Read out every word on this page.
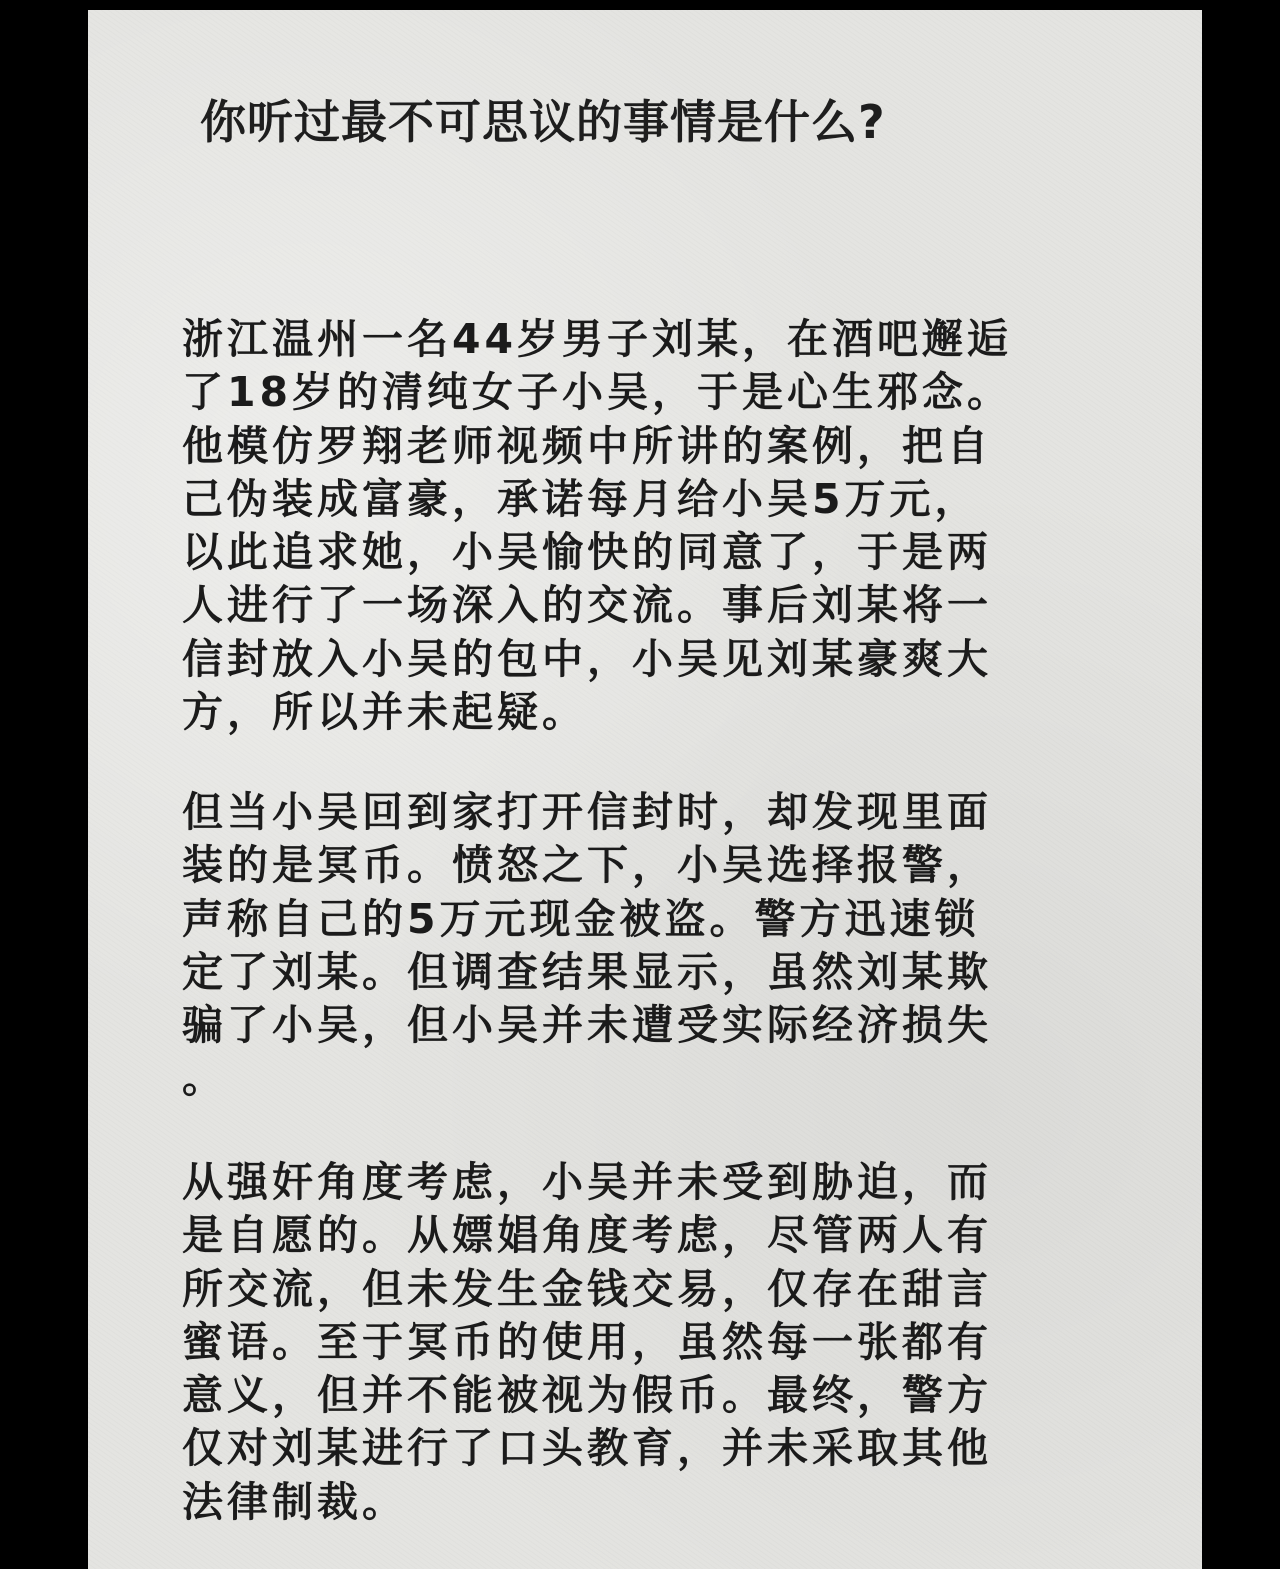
你听过最不可思议的事情是什么?

浙江温州一名44岁男子刘某，在酒吧邂逅
了18岁的清纯女子小吴，于是心生邪念。
他模仿罗翔老师视频中所讲的案例，把自
己伪装成富豪，承诺每月给小吴5万元，
以此追求她，小吴愉快的同意了，于是两
人进行了一场深入的交流。事后刘某将一
信封放入小吴的包中，小吴见刘某豪爽大
方，所以并未起疑。

但当小吴回到家打开信封时，却发现里面
装的是冥币。愤怒之下，小吴选择报警，
声称自己的5万元现金被盗。警方迅速锁
定了刘某。但调查结果显示，虽然刘某欺
骗了小吴，但小吴并未遭受实际经济损失
。

从强奸角度考虑，小吴并未受到胁迫，而
是自愿的。从嫖娼角度考虑，尽管两人有
所交流，但未发生金钱交易，仅存在甜言
蜜语。至于冥币的使用，虽然每一张都有
意义，但并不能被视为假币。最终，警方
仅对刘某进行了口头教育，并未采取其他
法律制裁。
